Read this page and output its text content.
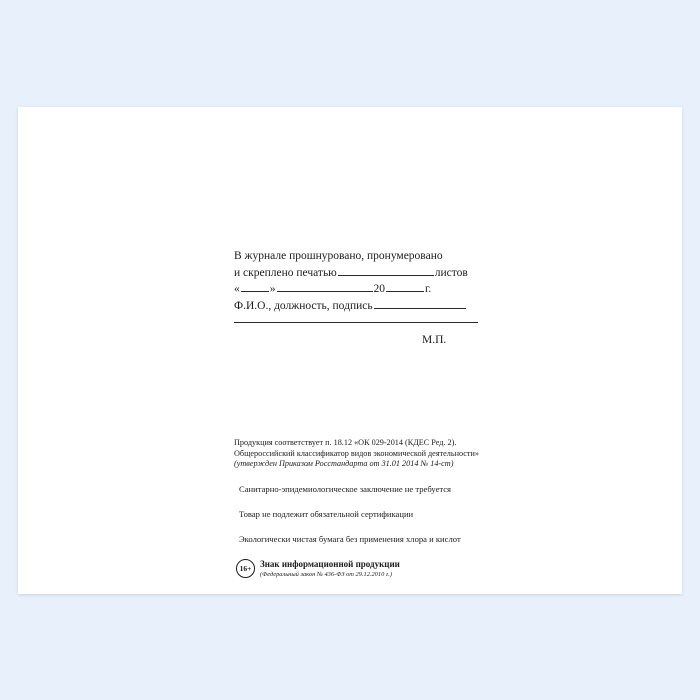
В журнале прошнуровано, пронумеровано
и скреплено печатью	листов
«	»	20	г.
Ф.И.О., должность, подпись
М.П.
Продукция соответствует п. 18.12 «ОК 029-2014 (КДЕС Ред. 2).
Общероссийский классификатор видов экономической деятельности»
(утвержден Приказом Росстандарта от 31.01 2014 № 14-ст)
Санитарно-эпидемиологическое заключение не требуется
Товар не подлежит обязательной сертификации
Экологически чистая бумага без применения хлора и кислот
16+ Знак информационной продукции
(Федеральный закон № 436-ФЗ от 29.12.2010 г.)
